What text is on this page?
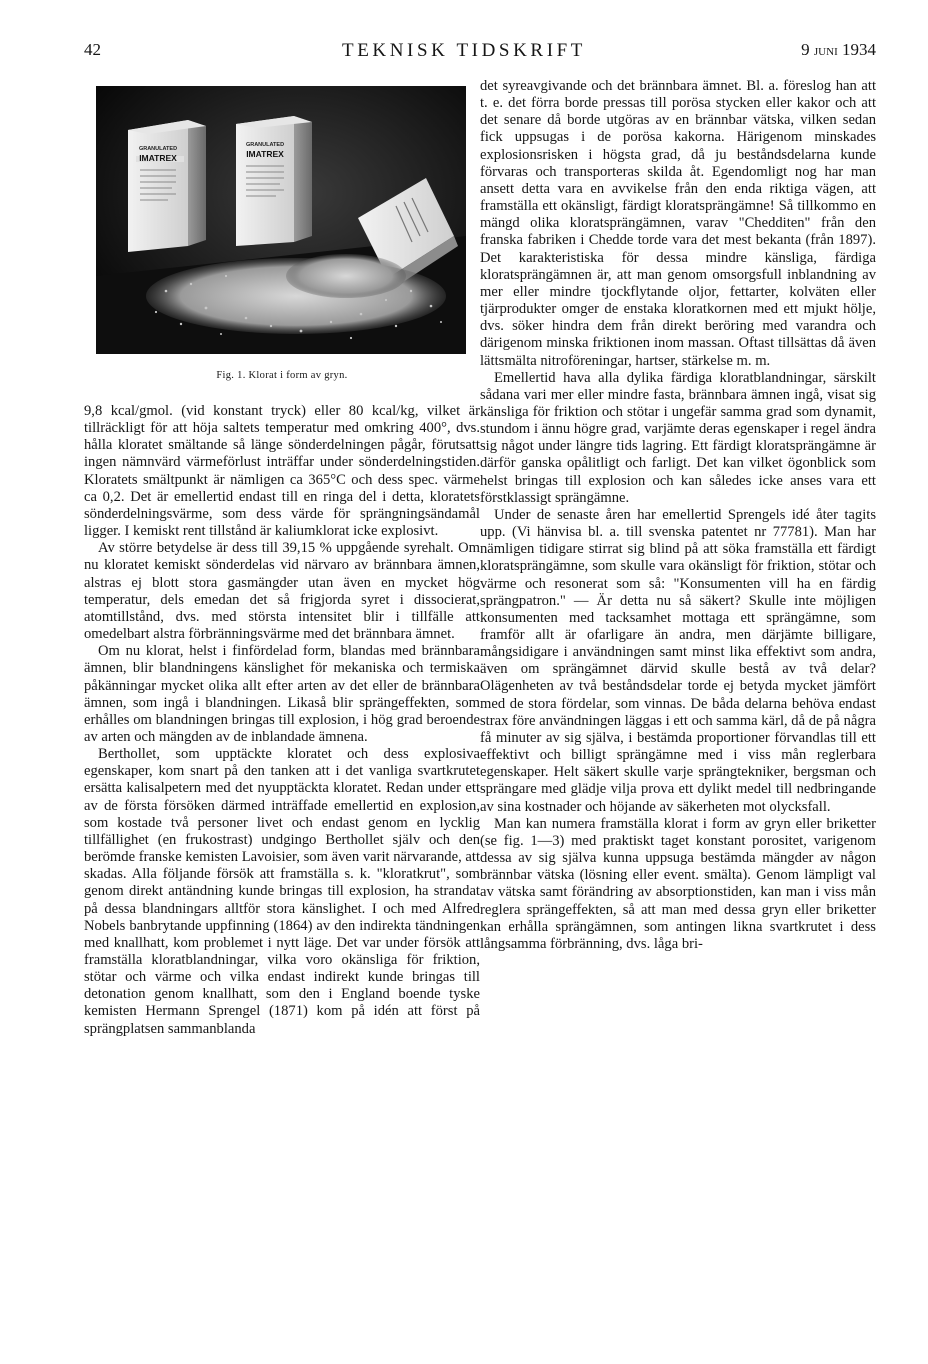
42	TEKNISK TIDSKRIFT	9 juni 1934
GRANULATED
IMATREX
GRANULATED
IMATREX
Fig. 1. Klorat i form av gryn.

9,8 kcal/gmol. (vid konstant tryck) eller 80 kcal/kg, vilket är tillräckligt för att höja saltets temperatur med omkring 400°, dvs. hålla kloratet smältande så länge sönderdelningen pågår, förutsatt ingen nämnvärd värmeförlust inträffar under sönderdelningstiden. Kloratets smältpunkt är nämligen ca 365°C och dess spec. värme ca 0,2. Det är emellertid endast till en ringa del i detta, kloratets sönderdelningsvärme, som dess värde för sprängningsändamål ligger. I kemiskt rent tillstånd är kaliumklorat icke explosivt.

Av större betydelse är dess till 39,15 % uppgående syrehalt. Om nu kloratet kemiskt sönderdelas vid närvaro av brännbara ämnen, alstras ej blott stora gasmängder utan även en mycket hög temperatur, dels emedan det så frigjorda syret i dissocierat, atomtillstånd, dvs. med största intensitet blir i tillfälle att omedelbart alstra förbränningsvärme med det brännbara ämnet.

Om nu klorat, helst i finfördelad form, blandas med brännbara ämnen, blir blandningens känslighet för mekaniska och termiska påkänningar mycket olika allt efter arten av det eller de brännbara ämnen, som ingå i blandningen. Likaså blir sprängeffekten, som erhålles om blandningen bringas till explosion, i hög grad beroende av arten och mängden av de inblandade ämnena.

Berthollet, som upptäckte kloratet och dess explosiva egenskaper, kom snart på den tanken att i det vanliga svartkrutet ersätta kalisalpetern med det nyupptäckta kloratet. Redan under ett av de första försöken därmed inträffade emellertid en explosion, som kostade två personer livet och endast genom en lycklig tillfällighet (en frukostrast) undgingo Berthollet själv och den berömde franske kemisten Lavoisier, som även varit närvarande, att skadas. Alla följande försök att framställa s. k. "kloratkrut", som genom direkt antändning kunde bringas till explosion, ha strandat på dessa blandningars alltför stora känslighet. I och med Alfred Nobels banbrytande uppfinning (1864) av den indirekta tändningen med knallhatt, kom problemet i nytt läge. Det var under försök att framställa kloratblandningar, vilka voro okänsliga för friktion, stötar och värme och vilka endast indirekt kunde bringas till detonation genom knallhatt, som den i England boende tyske kemisten Hermann Sprengel (1871) kom på idén att först på sprängplatsen sammanblanda

det syreavgivande och det brännbara ämnet. Bl. a. föreslog han att t. e. det förra borde pressas till porösa stycken eller kakor och att det senare då borde utgöras av en brännbar vätska, vilken sedan fick uppsugas i de porösa kakorna. Härigenom minskades explosionsrisken i högsta grad, då ju beståndsdelarna kunde förvaras och transporteras skilda åt. Egendomligt nog har man ansett detta vara en avvikelse från den enda riktiga vägen, att framställa ett okänsligt, färdigt kloratsprängämne! Så tillkommo en mängd olika kloratsprängämnen, varav "Chedditen" från den franska fabriken i Chedde torde vara det mest bekanta (från 1897). Det karakteristiska för dessa mindre känsliga, färdiga kloratsprängämnen är, att man genom omsorgsfull inblandning av mer eller mindre tjockflytande oljor, fettarter, kolväten eller tjärprodukter omger de enstaka kloratkornen med ett mjukt hölje, dvs. söker hindra dem från direkt beröring med varandra och därigenom minska friktionen inom massan. Oftast tillsättas då även lättsmälta nitroföreningar, hartser, stärkelse m. m.

Emellertid hava alla dylika färdiga kloratblandningar, särskilt sådana vari mer eller mindre fasta, brännbara ämnen ingå, visat sig känsliga för friktion och stötar i ungefär samma grad som dynamit, stundom i ännu högre grad, varjämte deras egenskaper i regel ändra sig något under längre tids lagring. Ett färdigt kloratsprängämne är därför ganska opålitligt och farligt. Det kan vilket ögonblick som helst bringas till explosion och kan således icke anses vara ett förstklassigt sprängämne.

Under de senaste åren har emellertid Sprengels idé åter tagits upp. (Vi hänvisa bl. a. till svenska patentet nr 77781). Man har nämligen tidigare stirrat sig blind på att söka framställa ett färdigt kloratsprängämne, som skulle vara okänsligt för friktion, stötar och värme och resonerat som så: "Konsumenten vill ha en färdig sprängpatron." — Är detta nu så säkert? Skulle inte möjligen konsumenten med tacksamhet mottaga ett sprängämne, som framför allt är ofarligare än andra, men därjämte billigare, mångsidigare i användningen samt minst lika effektivt som andra, även om sprängämnet därvid skulle bestå av två delar? Olägenheten av två beståndsdelar torde ej betyda mycket jämfört med de stora fördelar, som vinnas. De båda delarna behöva endast strax före användningen läggas i ett och samma kärl, då de på några få minuter av sig själva, i bestämda proportioner förvandlas till ett effektivt och billigt sprängämne med i viss mån reglerbara egenskaper. Helt säkert skulle varje sprängtekniker, bergsman och sprängare med glädje vilja prova ett dylikt medel till nedbringande av sina kostnader och höjande av säkerheten mot olycksfall.

Man kan numera framställa klorat i form av gryn eller briketter (se fig. 1—3) med praktiskt taget konstant porositet, varigenom dessa av sig själva kunna uppsuga bestämda mängder av någon brännbar vätska (lösning eller event. smälta). Genom lämpligt val av vätska samt förändring av absorptionstiden, kan man i viss mån reglera sprängeffekten, så att man med dessa gryn eller briketter kan erhålla sprängämnen, som antingen likna svartkrutet i dess långsamma förbränning, dvs. låga bri-
